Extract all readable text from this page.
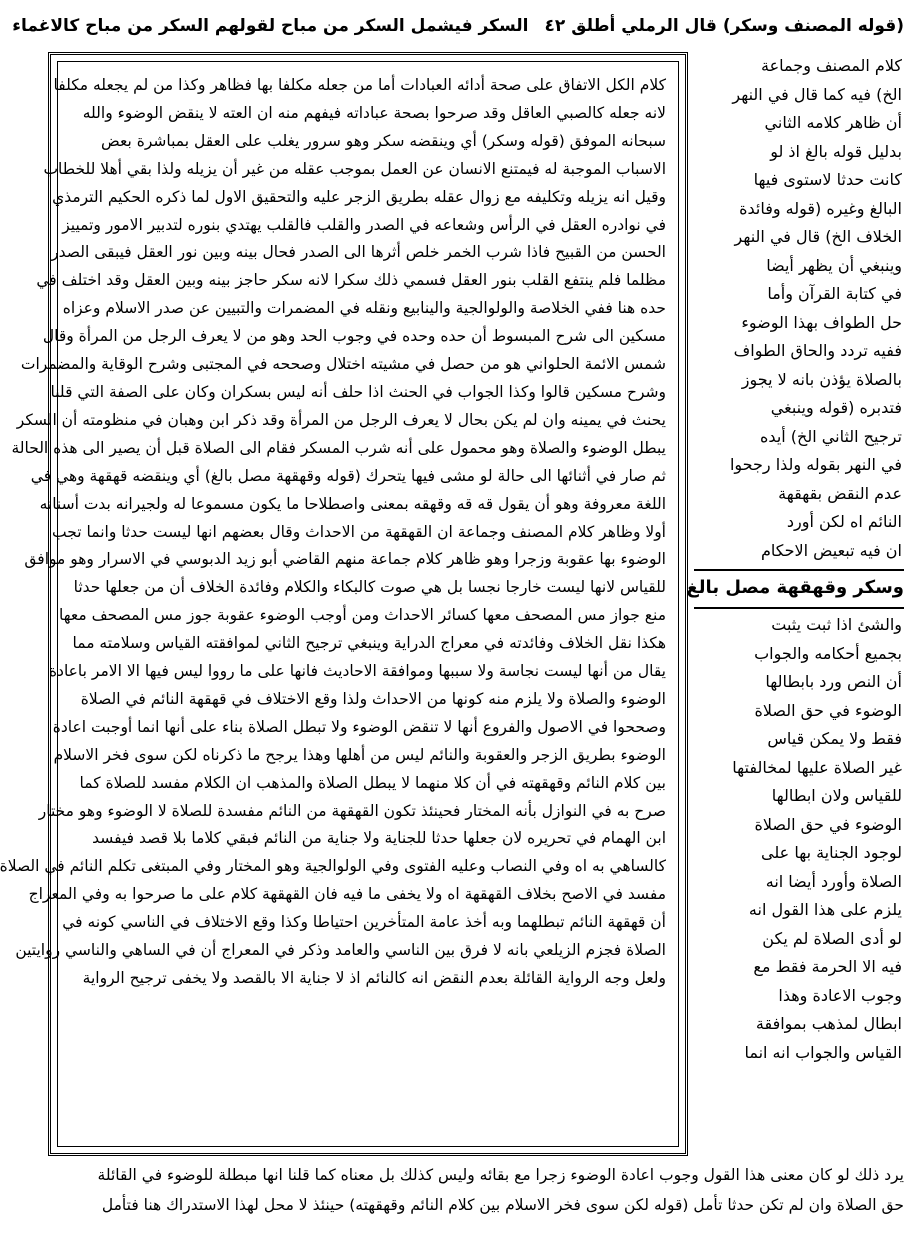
(قوله المصنف وسكر) قال الرملي أطلق
٤٢
السكر فيشمل السكر من مباح لقولهم السكر من مباح كالاغماء
كلام الكل الاتفاق على صحة أدائه العبادات أما من جعله مكلفا بها فظاهر وكذا من لم يجعله مكلفا
لانه جعله كالصبي العاقل وقد صرحوا بصحة عباداته فيفهم منه ان العته لا ينقض الوضوء والله
سبحانه الموفق (قوله وسكر) أي وينقضه سكر وهو سرور يغلب على العقل بمباشرة بعض
الاسباب الموجبة له فيمتنع الانسان عن العمل بموجب عقله من غير أن يزيله ولذا بقي أهلا للخطاب
وقيل انه يزيله وتكليفه مع زوال عقله بطريق الزجر عليه والتحقيق الاول لما ذكره الحكيم الترمذي
في نوادره العقل في الرأس وشعاعه في الصدر والقلب فالقلب يهتدي بنوره لتدبير الامور وتمييز
الحسن من القبيح فاذا شرب الخمر خلص أثرها الى الصدر فحال بينه وبين نور العقل فيبقى الصدر
مظلما فلم ينتفع القلب بنور العقل فسمي ذلك سكرا لانه سكر حاجز بينه وبين العقل وقد اختلف في
حده هنا ففي الخلاصة والولوالجية والينابيع ونقله في المضمرات والتبيين عن صدر الاسلام وعزاه
مسكين الى شرح المبسوط أن حده وحده في وجوب الحد وهو من لا يعرف الرجل من المرأة وقال
شمس الائمة الحلواني هو من حصل في مشيته اختلال وصححه في المجتبى وشرح الوقاية والمضمرات
وشرح مسكين قالوا وكذا الجواب في الحنث اذا حلف أنه ليس بسكران وكان على الصفة التي قلنا
يحنث في يمينه وان لم يكن بحال لا يعرف الرجل من المرأة وقد ذكر ابن وهبان في منظومته أن السكر
يبطل الوضوء والصلاة وهو محمول على أنه شرب المسكر فقام الى الصلاة قبل أن يصير الى هذه الحالة
ثم صار في أثنائها الى حالة لو مشى فيها يتحرك (قوله وقهقهة مصل بالغ) أي وينقضه قهقهة وهي في
اللغة معروفة وهو أن يقول قه قه وقهقه بمعنى واصطلاحا ما يكون مسموعا له ولجيرانه بدت أسنانه
أولا وظاهر كلام المصنف وجماعة ان القهقهة من الاحداث وقال بعضهم انها ليست حدثا وانما تجب
الوضوء بها عقوبة وزجرا وهو ظاهر كلام جماعة منهم القاضي أبو زيد الدبوسي في الاسرار وهو موافق
للقياس لانها ليست خارجا نجسا بل هي صوت كالبكاء والكلام وفائدة الخلاف أن من جعلها حدثا
منع جواز مس المصحف معها كسائر الاحداث ومن أوجب الوضوء عقوبة جوز مس المصحف معها
هكذا نقل الخلاف وفائدته في معراج الدراية وينبغي ترجيح الثاني لموافقته القياس وسلامته مما
يقال من أنها ليست نجاسة ولا سببها وموافقة الاحاديث فانها على ما رووا ليس فيها الا الامر باعادة
الوضوء والصلاة ولا يلزم منه كونها من الاحداث ولذا وقع الاختلاف في قهقهة النائم في الصلاة
وصححوا في الاصول والفروع أنها لا تنقض الوضوء ولا تبطل الصلاة بناء على أنها انما أوجبت اعادة
الوضوء بطريق الزجر والعقوبة والنائم ليس من أهلها وهذا يرجح ما ذكرناه لكن سوى فخر الاسلام
بين كلام النائم وقهقهته في أن كلا منهما لا يبطل الصلاة والمذهب ان الكلام مفسد للصلاة كما
صرح به في النوازل بأنه المختار فحينئذ تكون القهقهة من النائم مفسدة للصلاة لا الوضوء وهو مختار
ابن الهمام في تحريره لان جعلها حدثا للجناية ولا جناية من النائم فبقي كلاما بلا قصد فيفسد
كالساهي به اه وفي النصاب وعليه الفتوى وفي الولوالجية وهو المختار وفي المبتغى تكلم النائم في الصلاة
مفسد في الاصح بخلاف القهقهة اه ولا يخفى ما فيه فان القهقهة كلام على ما صرحوا به وفي المعراج
أن قهقهة النائم تبطلهما وبه أخذ عامة المتأخرين احتياطا وكذا وقع الاختلاف في الناسي كونه في
الصلاة فجزم الزيلعي بانه لا فرق بين الناسي والعامد وذكر في المعراج أن في الساهي والناسي روايتين
ولعل وجه الرواية القائلة بعدم النقض انه كالنائم اذ لا جناية الا بالقصد ولا يخفى ترجيح الرواية
كلام المصنف وجماعة
الخ) فيه كما قال في النهر
أن ظاهر كلامه الثاني
بدليل قوله بالغ اذ لو
كانت حدثا لاستوى فيها
البالغ وغيره (قوله وفائدة
الخلاف الخ) قال في النهر
وينبغي أن يظهر أيضا
في كتابة القرآن وأما
حل الطواف بهذا الوضوء
ففيه تردد والحاق الطواف
بالصلاة يؤذن بانه لا يجوز
فتدبره (قوله وينبغي
ترجيح الثاني الخ) أيده
في النهر بقوله ولذا رجحوا
عدم النقض بقهقهة
النائم اه لكن أورد
ان فيه تبعيض الاحكام
وسكر وقهقهة مصل بالغ
والشئ اذا ثبت يثبت
بجميع أحكامه والجواب
أن النص ورد بابطالها
الوضوء في حق الصلاة
فقط ولا يمكن قياس
غير الصلاة عليها لمخالفتها
للقياس ولان ابطالها
الوضوء في حق الصلاة
لوجود الجناية بها على
الصلاة وأورد أيضا انه
يلزم على هذا القول انه
لو أدى الصلاة لم يكن
فيه الا الحرمة فقط مع
وجوب الاعادة وهذا
ابطال لمذهب بموافقة
القياس والجواب انه انما
يرد ذلك لو كان معنى هذا القول وجوب اعادة الوضوء زجرا مع بقائه وليس كذلك بل معناه كما قلنا انها مبطلة للوضوء في القائلة
حق الصلاة وان لم تكن حدثا تأمل (قوله لكن سوى فخر الاسلام بين كلام النائم وقهقهته) حينئذ لا محل لهذا الاستدراك هنا فتأمل
